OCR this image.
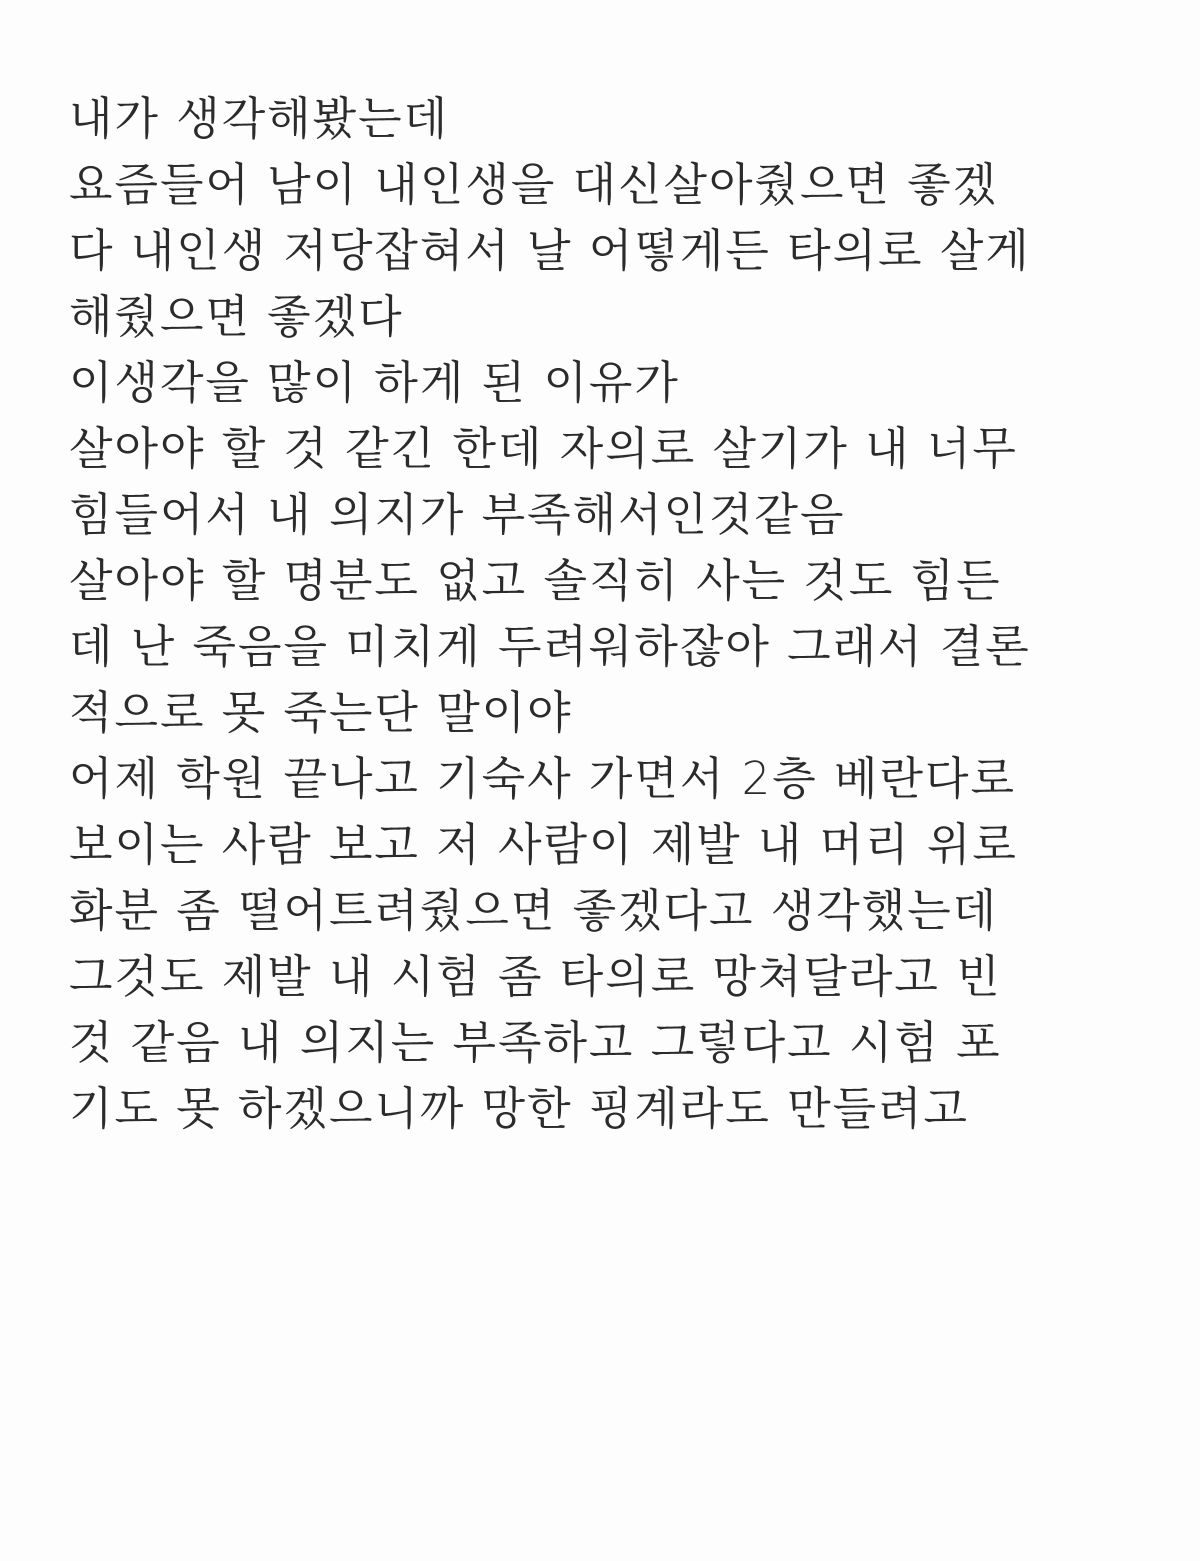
내가 생각해봤는데
요즘들어 남이 내인생을 대신살아줬으면 좋겠
다 내인생 저당잡혀서 날 어떻게든 타의로 살게
해줬으면 좋겠다
이생각을 많이 하게 된 이유가
살아야 할 것 같긴 한데 자의로 살기가 내 너무
힘들어서 내 의지가 부족해서인것같음
살아야 할 명분도 없고 솔직히 사는 것도 힘든
데 난 죽음을 미치게 두려워하잖아 그래서 결론
적으로 못 죽는단 말이야
어제 학원 끝나고 기숙사 가면서 2층 베란다로
보이는 사람 보고 저 사람이 제발 내 머리 위로
화분 좀 떨어트려줬으면 좋겠다고 생각했는데
그것도 제발 내 시험 좀 타의로 망쳐달라고 빈
것 같음 내 의지는 부족하고 그렇다고 시험 포
기도 못 하겠으니까 망한 핑계라도 만들려고
